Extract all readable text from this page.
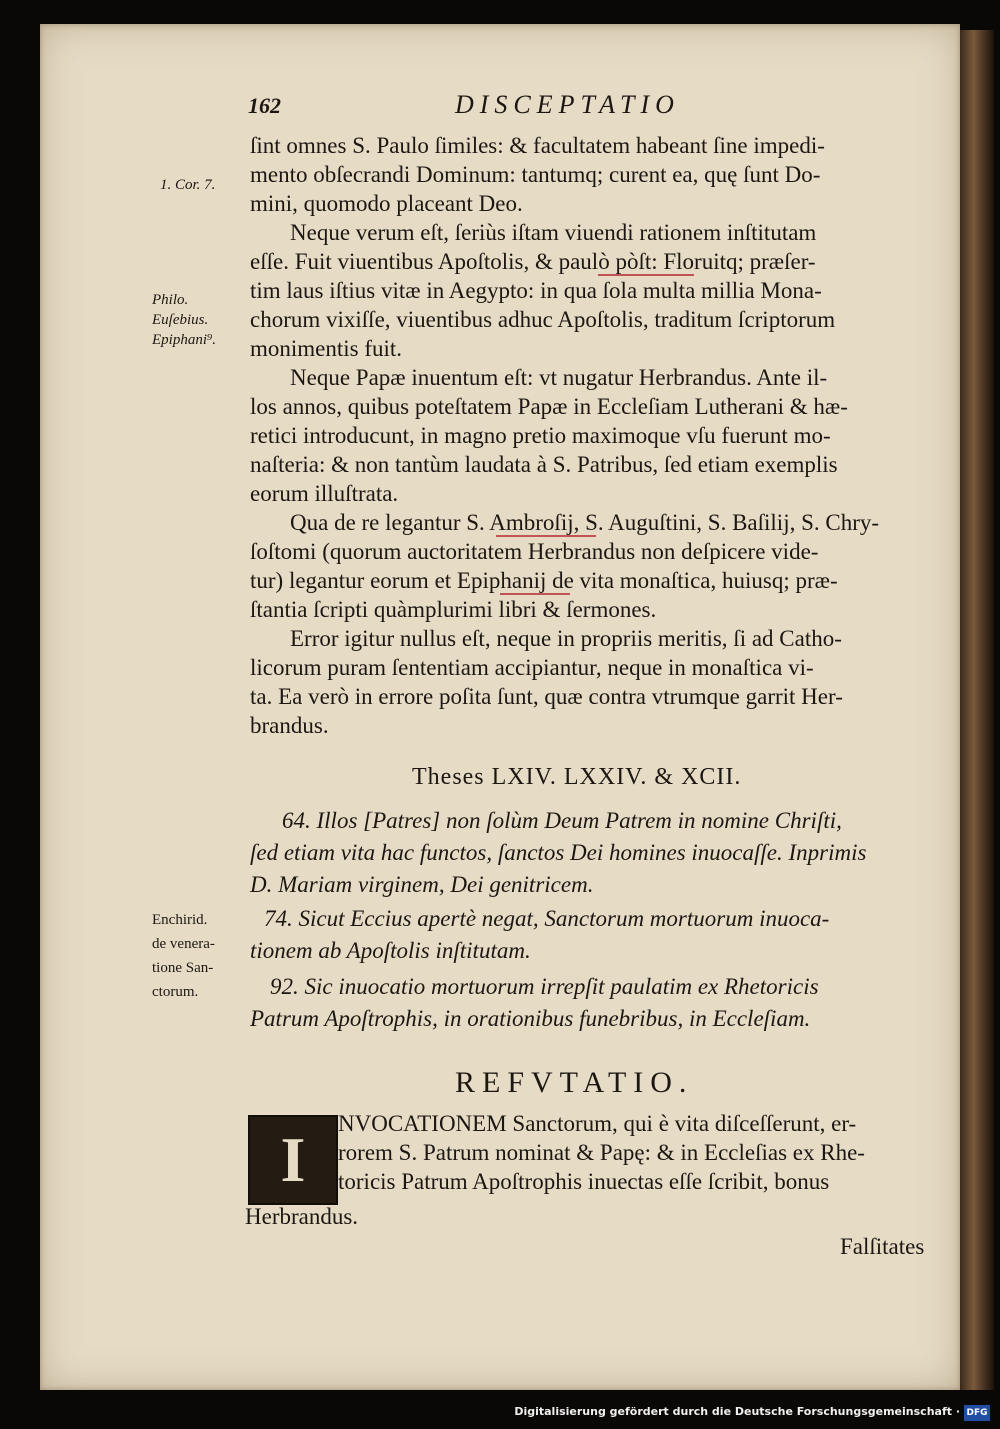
162	DISCEPTATIO
ſint omnes S. Paulo ſimiles: & facultatem habeant ſine impedi-
mento obſecrandi Dominum: tantumq; curent ea, quę ſunt Do-
mini, quomodo placeant Deo.
Neque verum eſt, ſeriùs iſtam viuendi rationem inſtitutam
eſſe. Fuit viuentibus Apoſtolis, & paulò pòſt: Floruitq; præſer-
tim laus iſtius vitæ in Aegypto: in qua ſola multa millia Mona-
chorum vixiſſe, viuentibus adhuc Apoſtolis, traditum ſcriptorum
monimentis fuit.
Neque Papæ inuentum eſt: vt nugatur Herbrandus. Ante il-
los annos, quibus poteſtatem Papæ in Eccleſiam Lutherani & hæ-
retici introducunt, in magno pretio maximoque vſu fuerunt mo-
naſteria: & non tantùm laudata à S. Patribus, ſed etiam exemplis
eorum illuſtrata.
Qua de re legantur S. Ambroſij, S. Auguſtini, S. Baſilij, S. Chry-
ſoſtomi (quorum auctoritatem Herbrandus non deſpicere vide-
tur) legantur eorum et Epiphanij de vita monaſtica, huiusq; præ-
ſtantia ſcripti quàmplurimi libri & ſermones.
Error igitur nullus eſt, neque in propriis meritis, ſi ad Catho-
licorum puram ſententiam accipiantur, neque in monaſtica vi-
ta. Ea verò in errore poſita ſunt, quæ contra vtrumque garrit Her-
brandus.
Theses LXIV. LXXIV. & XCII.
64. Illos [Patres] non ſolùm Deum Patrem in nomine Chriſti,
ſed etiam vita hac functos, ſanctos Dei homines inuocaſſe. Inprimis
D. Mariam virginem, Dei genitricem.
74. Sicut Eccius apertè negat, Sanctorum mortuorum inuoca-
tionem ab Apoſtolis inſtitutam.
92. Sic inuocatio mortuorum irrepſit paulatim ex Rhetoricis
Patrum Apoſtrophis, in orationibus funebribus, in Eccleſiam.
REFVTATIO.
I
NVOCATIONEM Sanctorum, qui è vita diſceſſerunt, er-
rorem S. Patrum nominat & Papę: & in Eccleſias ex Rhe-
toricis Patrum Apoſtrophis inuectas eſſe ſcribit, bonus
Herbrandus.
Falſitates
1. Cor. 7.
Philo.
Euſebius.
Epiphani⁹.
Enchirid.
de venera-
tione San-
ctorum.
Digitalisierung gefördert durch die Deutsche Forschungsgemeinschaft · DFG
